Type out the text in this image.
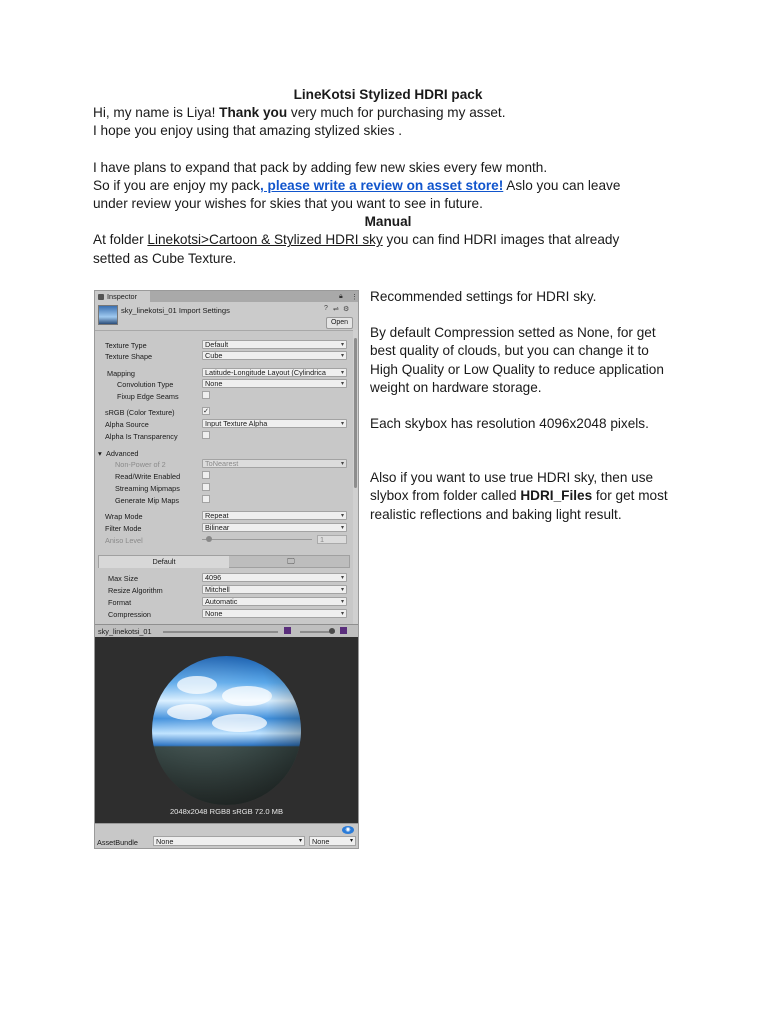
LineKotsi Stylized HDRI pack
Hi, my name is Liya! Thank you very much for purchasing my asset.
I hope you enjoy using that amazing stylized skies .
I have plans to expand that pack by adding few new skies every few month.
So if you are enjoy my pack, please write a review on asset store! Aslo you can leave
under review your wishes for skies that you want to see in future.
Manual
At folder Linekotsi>Cartoon & Stylized HDRI sky you can find HDRI images that already
setted as Cube Texture.
Inspector	🔒︎ ⋮
sky_linekotsi_01 Import Settings	? ⇌ ⚙
Open
Texture Type	Default	▾
Texture Shape	Cube	▾
Mapping	Latitude-Longitude Layout (Cylindrica	▾
Convolution Type	None	▾
Fixup Edge Seams
sRGB (Color Texture)	✓
Alpha Source	Input Texture Alpha	▾
Alpha Is Transparency
▾ Advanced
Non-Power of 2	ToNearest	▾
Read/Write Enabled
Streaming Mipmaps
Generate Mip Maps
Wrap Mode	Repeat	▾
Filter Mode	Bilinear	▾
Aniso Level	1
Default	🖵
Max Size	4096	▾
Resize Algorithm	Mitchell	▾
Format	Automatic	▾
Compression	None	▾
sky_linekotsi_01
2048x2048 RGB8 sRGB 72.0 MB
◉
AssetBundle	None	▾	None	▾

Recommended settings for HDRI sky.

By default Compression setted as None, for get best quality of clouds, but you can change it to High Quality or Low Quality to reduce application weight on hardware storage.

Each skybox has resolution 4096x2048 pixels.

Also if you want to use true HDRI sky, then use slybox from folder called HDRI_Files for get most realistic reflections and baking light result.
